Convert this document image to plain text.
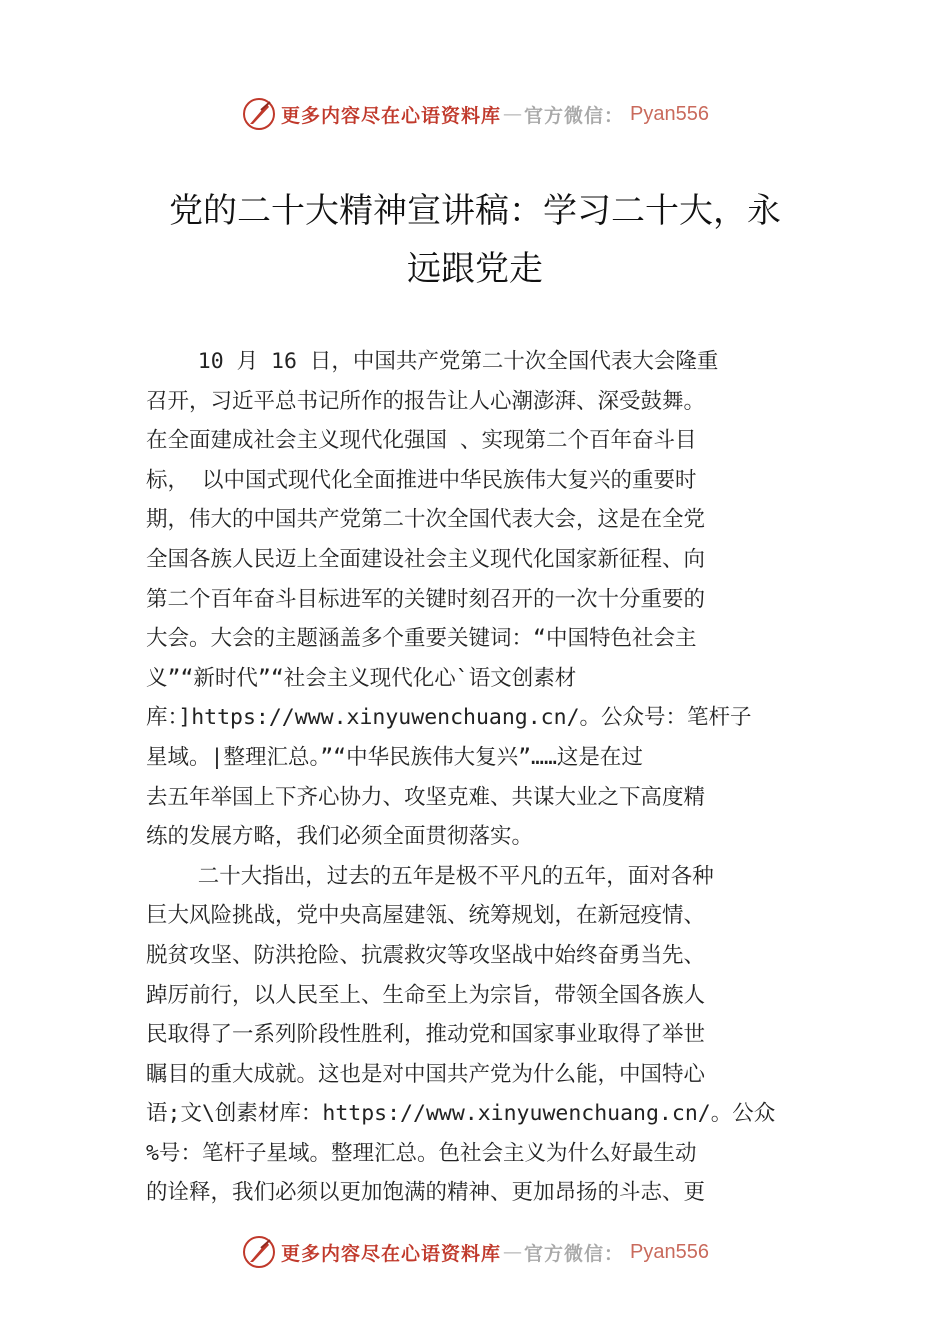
更多内容尽在心语资料库 — 官方微信： Pyan556
党的二十大精神宣讲稿：学习二十大，永
远跟党走
10 月 16 日，中国共产党第二十次全国代表大会隆重
召开，习近平总书记所作的报告让人心潮澎湃、深受鼓舞。
在全面建成社会主义现代化强国 、实现第二个百年奋斗目
标， 以中国式现代化全面推进中华民族伟大复兴的重要时
期，伟大的中国共产党第二十次全国代表大会，这是在全党
全国各族人民迈上全面建设社会主义现代化国家新征程、向
第二个百年奋斗目标进军的关键时刻召开的一次十分重要的
大会。大会的主题涵盖多个重要关键词：“中国特色社会主
义”“新时代”“社会主义现代化心`语文创素材
库：]https://www.xinyuwenchuang.cn/。公众号：笔杆子
星域。|整理汇总。”“中华民族伟大复兴”……这是在过
去五年举国上下齐心协力、攻坚克难、共谋大业之下高度精
练的发展方略，我们必须全面贯彻落实。
二十大指出，过去的五年是极不平凡的五年，面对各种
巨大风险挑战，党中央高屋建瓴、统筹规划，在新冠疫情、
脱贫攻坚、防洪抢险、抗震救灾等攻坚战中始终奋勇当先、
踔厉前行，以人民至上、生命至上为宗旨，带领全国各族人
民取得了一系列阶段性胜利，推动党和国家事业取得了举世
瞩目的重大成就。这也是对中国共产党为什么能，中国特心
语;文\创素材库：https://www.xinyuwenchuang.cn/。公众
%号：笔杆子星域。整理汇总。色社会主义为什么好最生动
的诠释，我们必须以更加饱满的精神、更加昂扬的斗志、更
更多内容尽在心语资料库 — 官方微信： Pyan556
